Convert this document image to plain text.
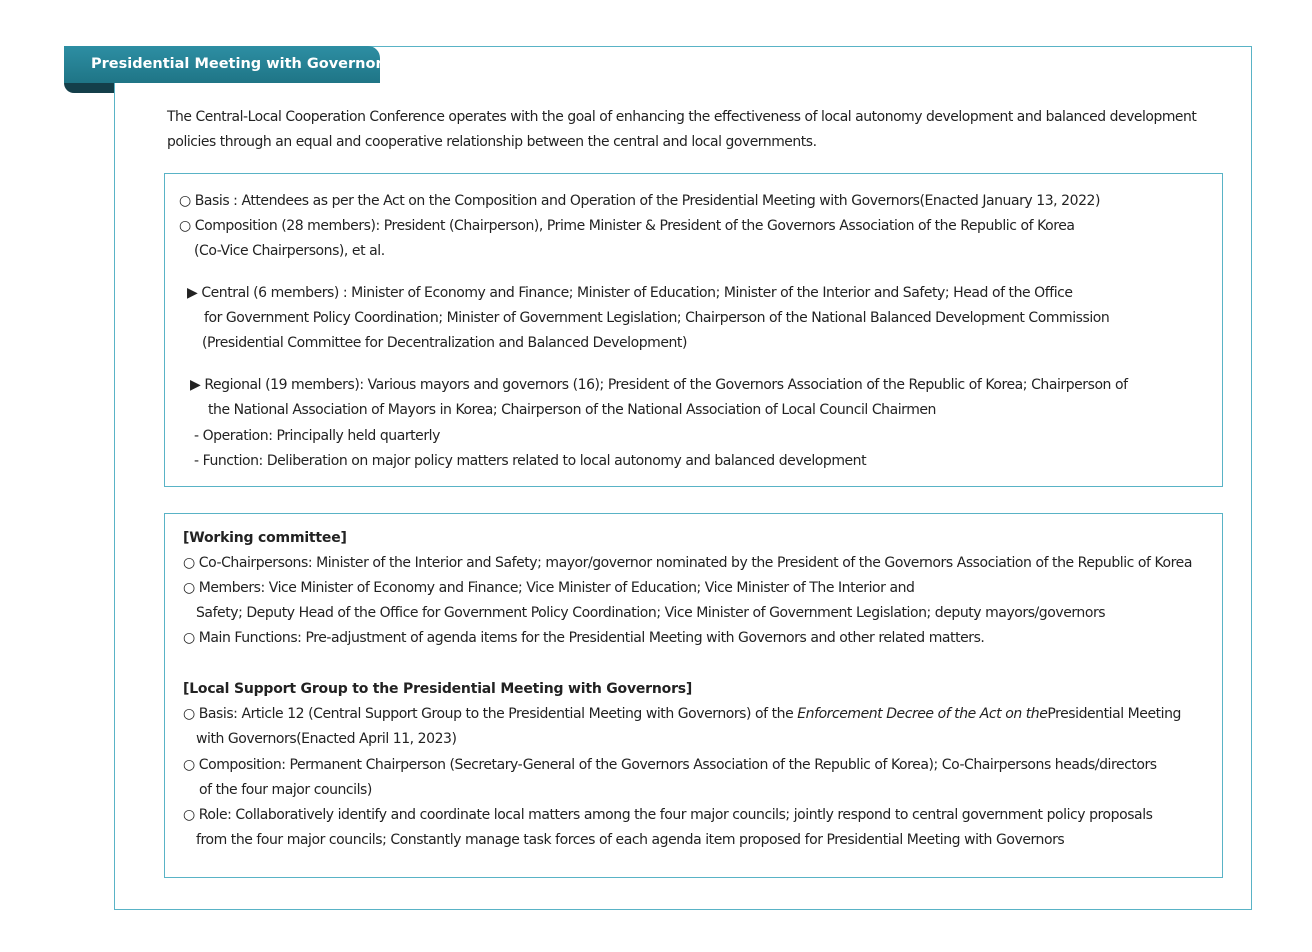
Presidential Meeting with Governors
The Central-Local Cooperation Conference operates with the goal of enhancing the effectiveness of local autonomy development and balanced development
policies through an equal and cooperative relationship between the central and local governments.
○ Basis : Attendees as per the Act on the Composition and Operation of the Presidential Meeting with Governors(Enacted January 13, 2022)
○ Composition (28 members): President (Chairperson), Prime Minister & President of the Governors Association of the Republic of Korea
(Co-Vice Chairpersons), et al.
▶ Central (6 members) : Minister of Economy and Finance; Minister of Education; Minister of the Interior and Safety; Head of the Office
for Government Policy Coordination; Minister of Government Legislation; Chairperson of the National Balanced Development Commission
(Presidential Committee for Decentralization and Balanced Development)
▶ Regional (19 members): Various mayors and governors (16); President of the Governors Association of the Republic of Korea; Chairperson of
the National Association of Mayors in Korea; Chairperson of the National Association of Local Council Chairmen
- Operation: Principally held quarterly
- Function: Deliberation on major policy matters related to local autonomy and balanced development
[Working committee]
○ Co-Chairpersons: Minister of the Interior and Safety; mayor/governor nominated by the President of the Governors Association of the Republic of Korea
○ Members: Vice Minister of Economy and Finance; Vice Minister of Education; Vice Minister of The Interior and
Safety; Deputy Head of the Office for Government Policy Coordination; Vice Minister of Government Legislation; deputy mayors/governors
○ Main Functions: Pre-adjustment of agenda items for the Presidential Meeting with Governors and other related matters.
[Local Support Group to the Presidential Meeting with Governors]
○ Basis: Article 12 (Central Support Group to the Presidential Meeting with Governors) of the Enforcement Decree of the Act on thePresidential Meeting
with Governors(Enacted April 11, 2023)
○ Composition: Permanent Chairperson (Secretary-General of the Governors Association of the Republic of Korea); Co-Chairpersons heads/directors
of the four major councils)
○ Role: Collaboratively identify and coordinate local matters among the four major councils; jointly respond to central government policy proposals
from the four major councils; Constantly manage task forces of each agenda item proposed for Presidential Meeting with Governors
